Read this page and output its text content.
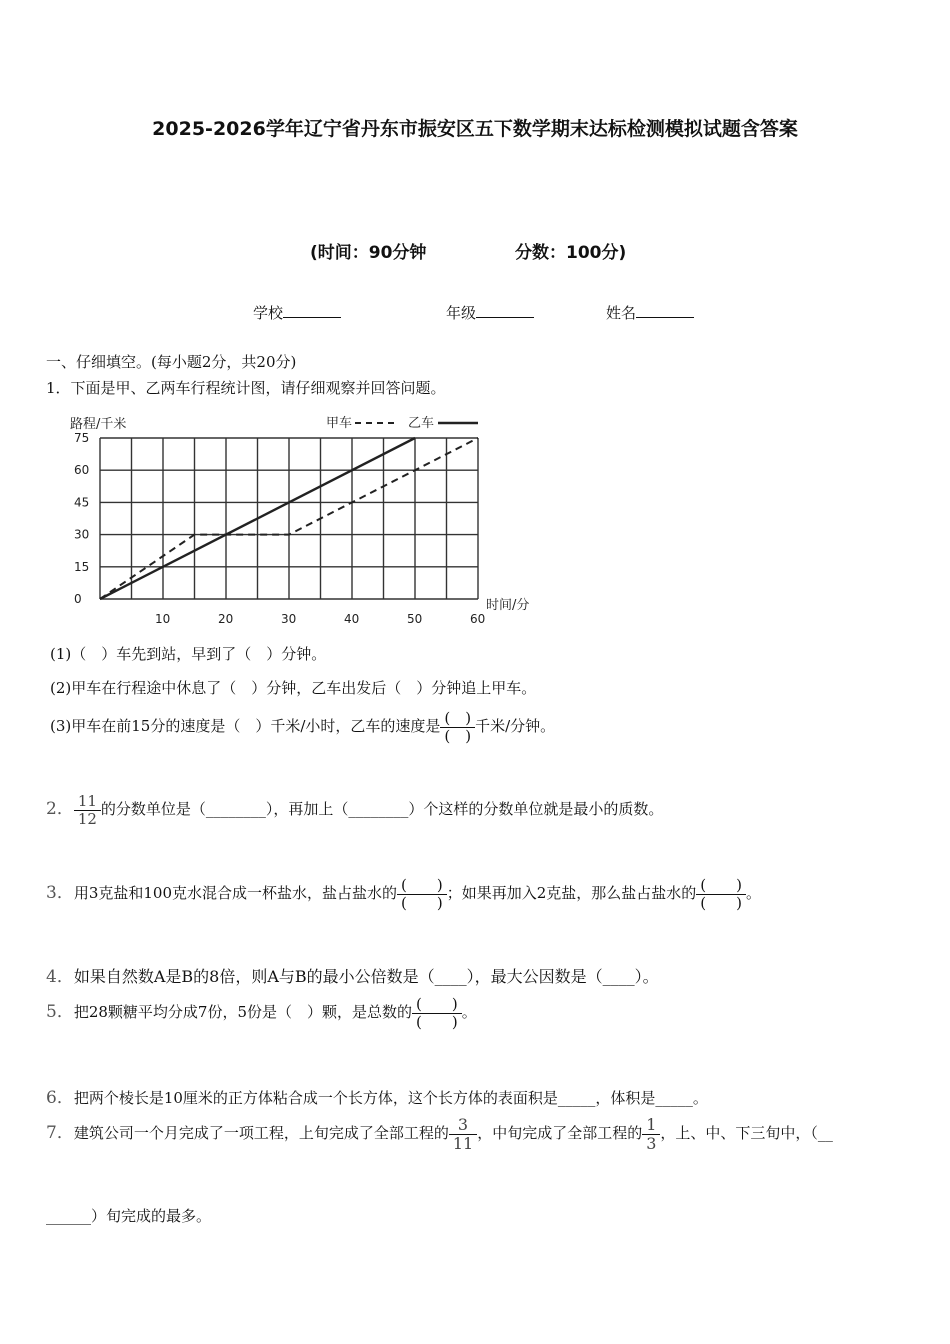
2025-2026学年辽宁省丹东市振安区五下数学期末达标检测模拟试题含答案
(时间：90分钟	分数：100分)
学校	年级	姓名
一、仔细填空。(每小题2分，共20分)
1．下面是甲、乙两车行程统计图，请仔细观察并回答问题。
75
60
45
30
15
0
10	20	30	40	50	60
路程/千米
时间/分
甲车	乙车
(1)（　）车先到站，早到了（　）分钟。
(2)甲车在行程途中休息了（　）分钟，乙车出发后（　）分钟追上甲车。
(3)甲车在前15分的速度是（　）千米/小时，乙车的速度是 $\frac{( )}{( )}$ 千米/分钟。
2． $\frac{11}{12}$ 的分数单位是（________），再加上（________）个这样的分数单位就是最小的质数。
3．用3克盐和100克水混合成一杯盐水，盐占盐水的 $\frac{( )}{( )}$ ；如果再加入2克盐，那么盐占盐水的 $\frac{( )}{( )}$ 。
4．如果自然数A是B的8倍，则A与B的最小公倍数是（____），最大公因数是（____）。
5．把28颗糖平均分成7份，5份是（　）颗，是总数的 $\frac{( )}{( )}$ 。
6．把两个棱长是10厘米的正方体粘合成一个长方体，这个长方体的表面积是_____，体积是_____。
7．建筑公司一个月完成了一项工程，上旬完成了全部工程的 $\frac{3}{11}$ ，中旬完成了全部工程的 $\frac{1}{3}$ ，上、中、下三旬中，（__
______）旬完成的最多。
